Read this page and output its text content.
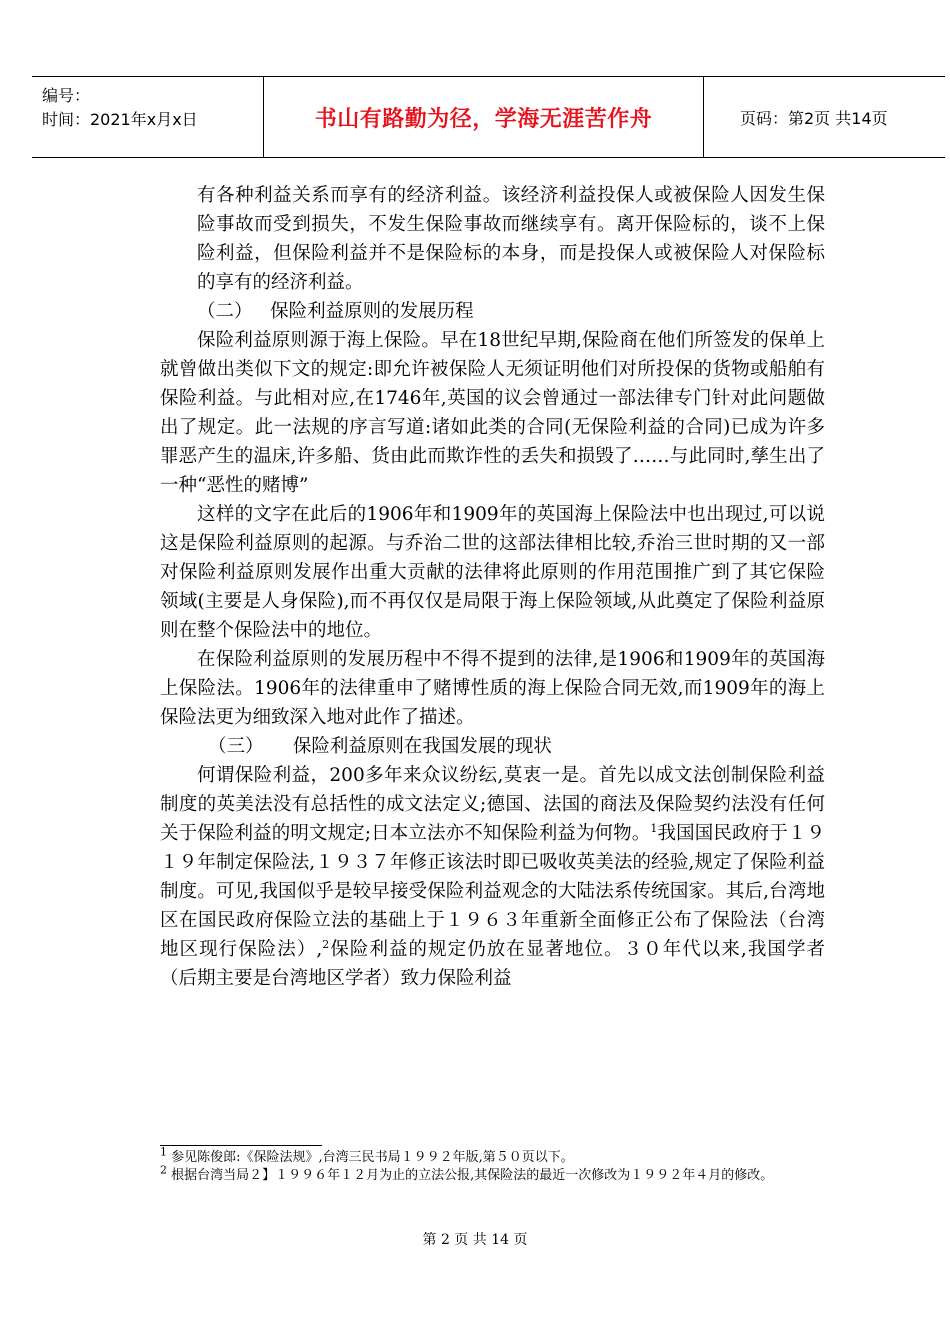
编号：
时间：2021年x月x日	书山有路勤为径，学海无涯苦作舟	页码：第2页 共14页

有各种利益关系而享有的经济利益。该经济利益投保人或被保险人因发生保险事故而受到损失，不发生保险事故而继续享有。离开保险标的，谈不上保险利益，但保险利益并不是保险标的本身，而是投保人或被保险人对保险标的享有的经济利益。

（二） 保险利益原则的发展历程

保险利益原则源于海上保险。早在18世纪早期,保险商在他们所签发的保单上就曾做出类似下文的规定:即允许被保险人无须证明他们对所投保的货物或船舶有保险利益。与此相对应,在1746年,英国的议会曾通过一部法律专门针对此问题做出了规定。此一法规的序言写道:诸如此类的合同(无保险利益的合同)已成为许多罪恶产生的温床,许多船、货由此而欺诈性的丢失和损毁了……与此同时,孳生出了一种“恶性的赌博”

这样的文字在此后的1906年和1909年的英国海上保险法中也出现过,可以说这是保险利益原则的起源。与乔治二世的这部法律相比较,乔治三世时期的又一部对保险利益原则发展作出重大贡献的法律将此原则的作用范围推广到了其它保险领域(主要是人身保险),而不再仅仅是局限于海上保险领域,从此奠定了保险利益原则在整个保险法中的地位。

在保险利益原则的发展历程中不得不提到的法律,是1906和1909年的英国海上保险法。1906年的法律重申了赌博性质的海上保险合同无效,而1909年的海上保险法更为细致深入地对此作了描述。

（三） 保险利益原则在我国发展的现状

何谓保险利益，200多年来众议纷纭,莫衷一是。首先以成文法创制保险利益制度的英美法没有总括性的成文法定义;德国、法国的商法及保险契约法没有任何关于保险利益的明文规定;日本立法亦不知保险利益为何物。$^1$我国国民政府于１９１９年制定保险法,１９３７年修正该法时即已吸收英美法的经验,规定了保险利益制度。可见,我国似乎是较早接受保险利益观念的大陆法系传统国家。其后,台湾地区在国民政府保险立法的基础上于１９６３年重新全面修正公布了保险法（台湾地区现行保险法）,$^2$保险利益的规定仍放在显著地位。３０年代以来,我国学者（后期主要是台湾地区学者）致力保险利益

$^1$ 参见陈俊郎:《保险法规》,台湾三民书局１９９２年版,第５０页以下。

$^2$ 根据台湾当局２】１９９６年１２月为止的立法公报,其保险法的最近一次修改为１９９２年４月的修改。

第 2 页 共 14 页
